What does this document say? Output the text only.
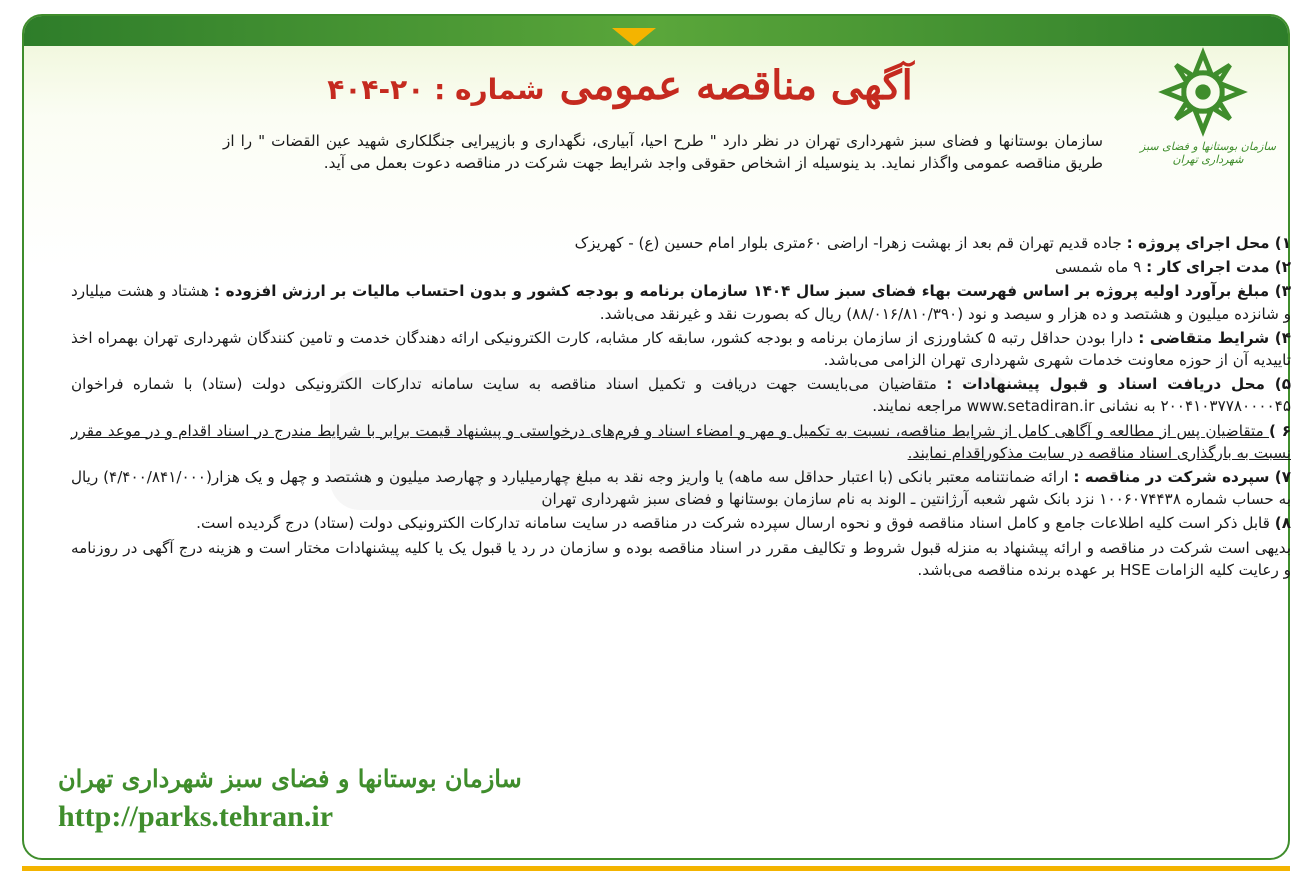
سازمان بوستانها و فضای سبز شهرداری تهران
آگهی مناقصه عمومی شماره : ۲۰-۴۰۴
سازمان بوستانها و فضای سبز شهرداری تهران در نظر دارد " طرح احیا، آبیاری، نگهداری و بازپیرایی جنگلکاری شهید عین القضات " را از طریق مناقصه عمومی واگذار نماید. بد ینوسیله از اشخاص حقوقی واجد شرایط جهت شرکت در مناقصه دعوت بعمل می آید.
۱) محل اجرای پروژه : جاده قدیم تهران قم بعد از بهشت زهرا- اراضی ۶۰متری بلوار امام حسین (ع) - کهریزک
۲) مدت اجرای کار : ۹ ماه شمسی
۳) مبلغ برآورد اولیه پروژه بر اساس فهرست بهاء فضای سبز سال ۱۴۰۴ سازمان برنامه و بودجه کشور و بدون احتساب مالیات بر ارزش افزوده : هشتاد و هشت میلیارد و شانزده میلیون و هشتصد و ده هزار و سیصد و نود (۸۸/۰۱۶/۸۱۰/۳۹۰) ریال که بصورت نقد و غیرنقد می‌باشد.
۴) شرایط متقاضی : دارا بودن حداقل رتبه ۵ کشاورزی از سازمان برنامه و بودجه کشور، سابقه کار مشابه، کارت الکترونیکی ارائه دهندگان خدمت و تامین کنندگان شهرداری تهران بهمراه اخذ تاییدیه آن از حوزه معاونت خدمات شهری شهرداری تهران الزامی می‌باشد.
۵) محل دریافت اسناد و قبول پیشنهادات : متقاضیان می‌بایست جهت دریافت و تکمیل اسناد مناقصه به سایت سامانه تدارکات الکترونیکی دولت (ستاد) با شماره فراخوان ۲۰۰۴۱۰۳۷۷۸۰۰۰۰۴۵ به نشانی www.setadiran.ir مراجعه نمایند.
۶ ) متقاضیان پس از مطالعه و آگاهی کامل از شرایط مناقصه، نسبت به تکمیل و مهر و امضاء اسناد و فرم‌های درخواستی و پیشنهاد قیمت برابر با شرایط مندرج در اسناد اقدام و در موعد مقرر نسبت به بارگذاری اسناد مناقصه در سایت مذکوراقدام نمایند.
۷) سپرده شرکت در مناقصه : ارائه ضمانتنامه معتبر بانکی (با اعتبار حداقل سه ماهه) یا واریز وجه نقد به مبلغ چهارمیلیارد و چهارصد میلیون و هشتصد و چهل و یک هزار(۴/۴۰۰/۸۴۱/۰۰۰) ریال به حساب شماره ۱۰۰۶۰۷۴۴۳۸ نزد بانک شهر شعبه آرژانتین ـ الوند به نام سازمان بوستانها و فضای سبز شهرداری تهران
۸) قابل ذکر است کلیه اطلاعات جامع و کامل اسناد مناقصه فوق و نحوه ارسال سپرده شرکت در مناقصه در سایت سامانه تدارکات الکترونیکی دولت (ستاد) درج گردیده است.
بدیهی است شرکت در مناقصه و ارائه پیشنهاد به منزله قبول شروط و تکالیف مقرر در اسناد مناقصه بوده و سازمان در رد یا قبول یک یا کلیه پیشنهادات مختار است و هزینه درج آگهی در روزنامه و رعایت کلیه الزامات HSE بر عهده برنده مناقصه می‌باشد.
سازمان بوستانها و فضای سبز شهرداری تهران
http://parks.tehran.ir
